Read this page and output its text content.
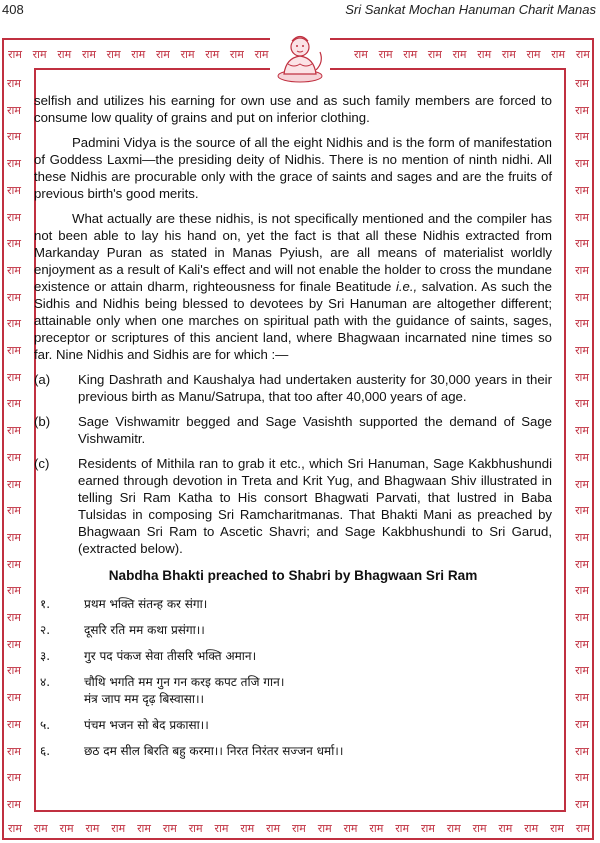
408	Sri Sankat Mochan Hanuman Charit Manas
राम राम राम राम राम राम राम राम राम राम राम	राम राम राम राम राम राम राम राम राम राम
राम
राम
राम
राम
राम
राम
राम
राम
राम
राम
राम
राम
राम
राम
राम
राम
राम
राम
राम
राम
राम
राम
राम
राम
राम
राम
राम
राम
राम
राम
राम
राम
राम
राम
राम
राम
राम
राम
राम
राम
राम
राम
राम
राम
राम
राम
राम
राम
राम
राम
राम
राम
राम
राम
राम
राम
राम राम राम राम राम राम राम राम राम राम राम राम राम राम राम राम राम राम राम राम राम राम राम

selfish and utilizes his earning for own use and as such family members are forced to consume low quality of grains and put on inferior clothing.

Padmini Vidya is the source of all the eight Nidhis and is the form of manifestation of Goddess Laxmi—the presiding deity of Nidhis. There is no mention of ninth nidhi. All these Nidhis are procurable only with the grace of saints and sages and are the fruits of previous birth's good merits.

What actually are these nidhis, is not specifically mentioned and the compiler has not been able to lay his hand on, yet the fact is that all these Nidhis extracted from Markanday Puran as stated in Manas Pyiush, are all means of materialist worldly enjoyment as a result of Kali's effect and will not enable the holder to cross the mundane existence or attain dharm, righteousness for finale Beatitude i.e., salvation. As such the Sidhis and Nidhis being blessed to devotees by Sri Hanuman are altogether different; attainable only when one marches on spiritual path with the guidance of saints, sages, preceptor or scriptures of this ancient land, where Bhagwaan incarnated nine times so far. Nine Nidhis and Sidhis are for which :—

(a)	King Dashrath and Kaushalya had undertaken austerity for 30,000 years in their previous birth as Manu/Satrupa, that too after 40,000 years of age.
(b)	Sage Vishwamitr begged and Sage Vasishth supported the demand of Sage Vishwamitr.
(c)	Residents of Mithila ran to grab it etc., which Sri Hanuman, Sage Kakbhushundi earned through devotion in Treta and Krit Yug, and Bhagwaan Shiv illustrated in telling Sri Ram Katha to His consort Bhagwati Parvati, that lustred in Baba Tulsidas in composing Sri Ramcharitmanas. That Bhakti Mani as preached by Bhagwaan Sri Ram to Ascetic Shavri; and Sage Kakbhushundi to Sri Garud, (extracted below).
Nabdha Bhakti preached to Shabri by Bhagwaan Sri Ram
१.	प्रथम भक्ति संतन्ह कर संगा।
२.	दूसरि रति मम कथा प्रसंगा।।
३.	गुर पद पंकज सेवा तीसरि भक्ति अमान।
४.	चौथि भगति मम गुन गन करइ कपट तजि गान।
मंत्र जाप मम दृढ़ बिस्वासा।।
५.	पंचम भजन सो बेद प्रकासा।।
६.	छठ दम सील बिरति बहु करमा।। निरत निरंतर सज्जन धर्मा।।
